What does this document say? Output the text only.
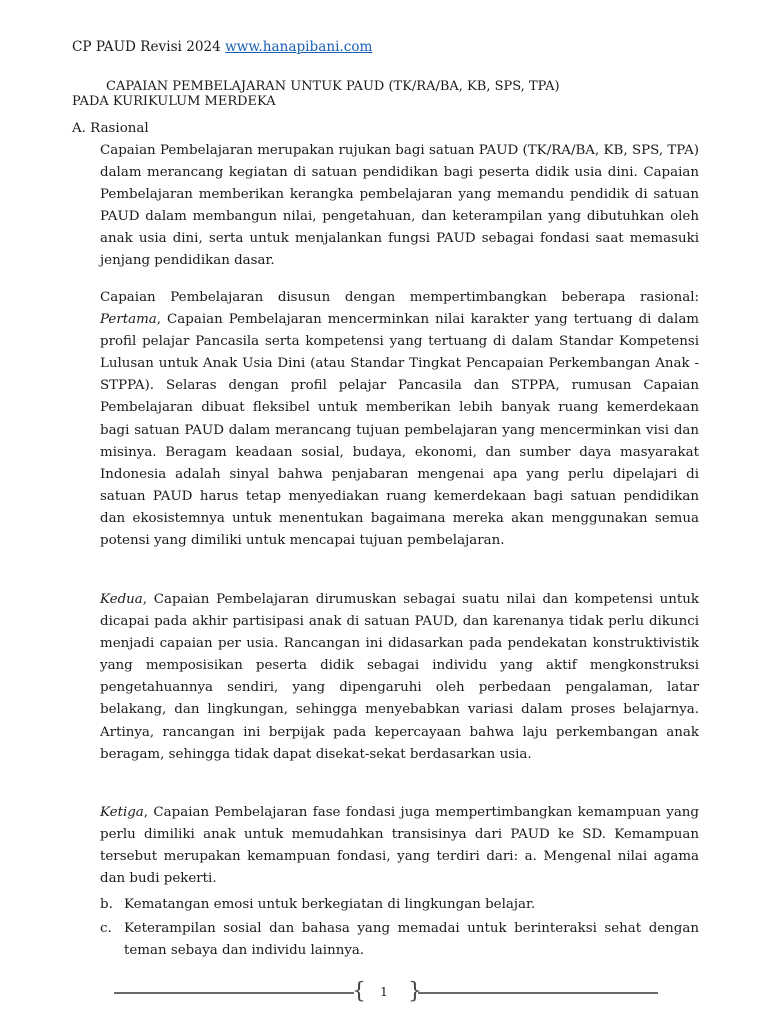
CP PAUD Revisi 2024 www.hanapibani.com
CAPAIAN PEMBELAJARAN UNTUK PAUD (TK/RA/BA, KB, SPS, TPA)
PADA KURIKULUM MERDEKA
A. Rasional

Capaian Pembelajaran merupakan rujukan bagi satuan PAUD (TK/RA/BA, KB, SPS, TPA) dalam merancang kegiatan di satuan pendidikan bagi peserta didik usia dini. Capaian Pembelajaran memberikan kerangka pembelajaran yang memandu pendidik di satuan PAUD dalam membangun nilai, pengetahuan, dan keterampilan yang dibutuhkan oleh anak usia dini, serta untuk menjalankan fungsi PAUD sebagai fondasi saat memasuki jenjang pendidikan dasar.

Capaian Pembelajaran disusun dengan mempertimbangkan beberapa rasional: Pertama, Capaian Pembelajaran mencerminkan nilai karakter yang tertuang di dalam profil pelajar Pancasila serta kompetensi yang tertuang di dalam Standar Kompetensi Lulusan untuk Anak Usia Dini (atau Standar Tingkat Pencapaian Perkembangan Anak - STPPA). Selaras dengan profil pelajar Pancasila dan STPPA, rumusan Capaian Pembelajaran dibuat fleksibel untuk memberikan lebih banyak ruang kemerdekaan bagi satuan PAUD dalam merancang tujuan pembelajaran yang mencerminkan visi dan misinya. Beragam keadaan sosial, budaya, ekonomi, dan sumber daya masyarakat Indonesia adalah sinyal bahwa penjabaran mengenai apa yang perlu dipelajari di satuan PAUD harus tetap menyediakan ruang kemerdekaan bagi satuan pendidikan dan ekosistemnya untuk menentukan bagaimana mereka akan menggunakan semua potensi yang dimiliki untuk mencapai tujuan pembelajaran.

Kedua, Capaian Pembelajaran dirumuskan sebagai suatu nilai dan kompetensi untuk dicapai pada akhir partisipasi anak di satuan PAUD, dan karenanya tidak perlu dikunci menjadi capaian per usia. Rancangan ini didasarkan pada pendekatan konstruktivistik yang memposisikan peserta didik sebagai individu yang aktif mengkonstruksi pengetahuannya sendiri, yang dipengaruhi oleh perbedaan pengalaman, latar belakang, dan lingkungan, sehingga menyebabkan variasi dalam proses belajarnya. Artinya, rancangan ini berpijak pada kepercayaan bahwa laju perkembangan anak beragam, sehingga tidak dapat disekat-sekat berdasarkan usia.

Ketiga, Capaian Pembelajaran fase fondasi juga mempertimbangkan kemampuan yang perlu dimiliki anak untuk memudahkan transisinya dari PAUD ke SD. Kemampuan tersebut merupakan kemampuan fondasi, yang terdiri dari: a. Mengenal nilai agama dan budi pekerti.

b. Kematangan emosi untuk berkegiatan di lingkungan belajar.
c. Keterampilan sosial dan bahasa yang memadai untuk berinteraksi sehat dengan teman sebaya dan individu lainnya.
{ }
1
